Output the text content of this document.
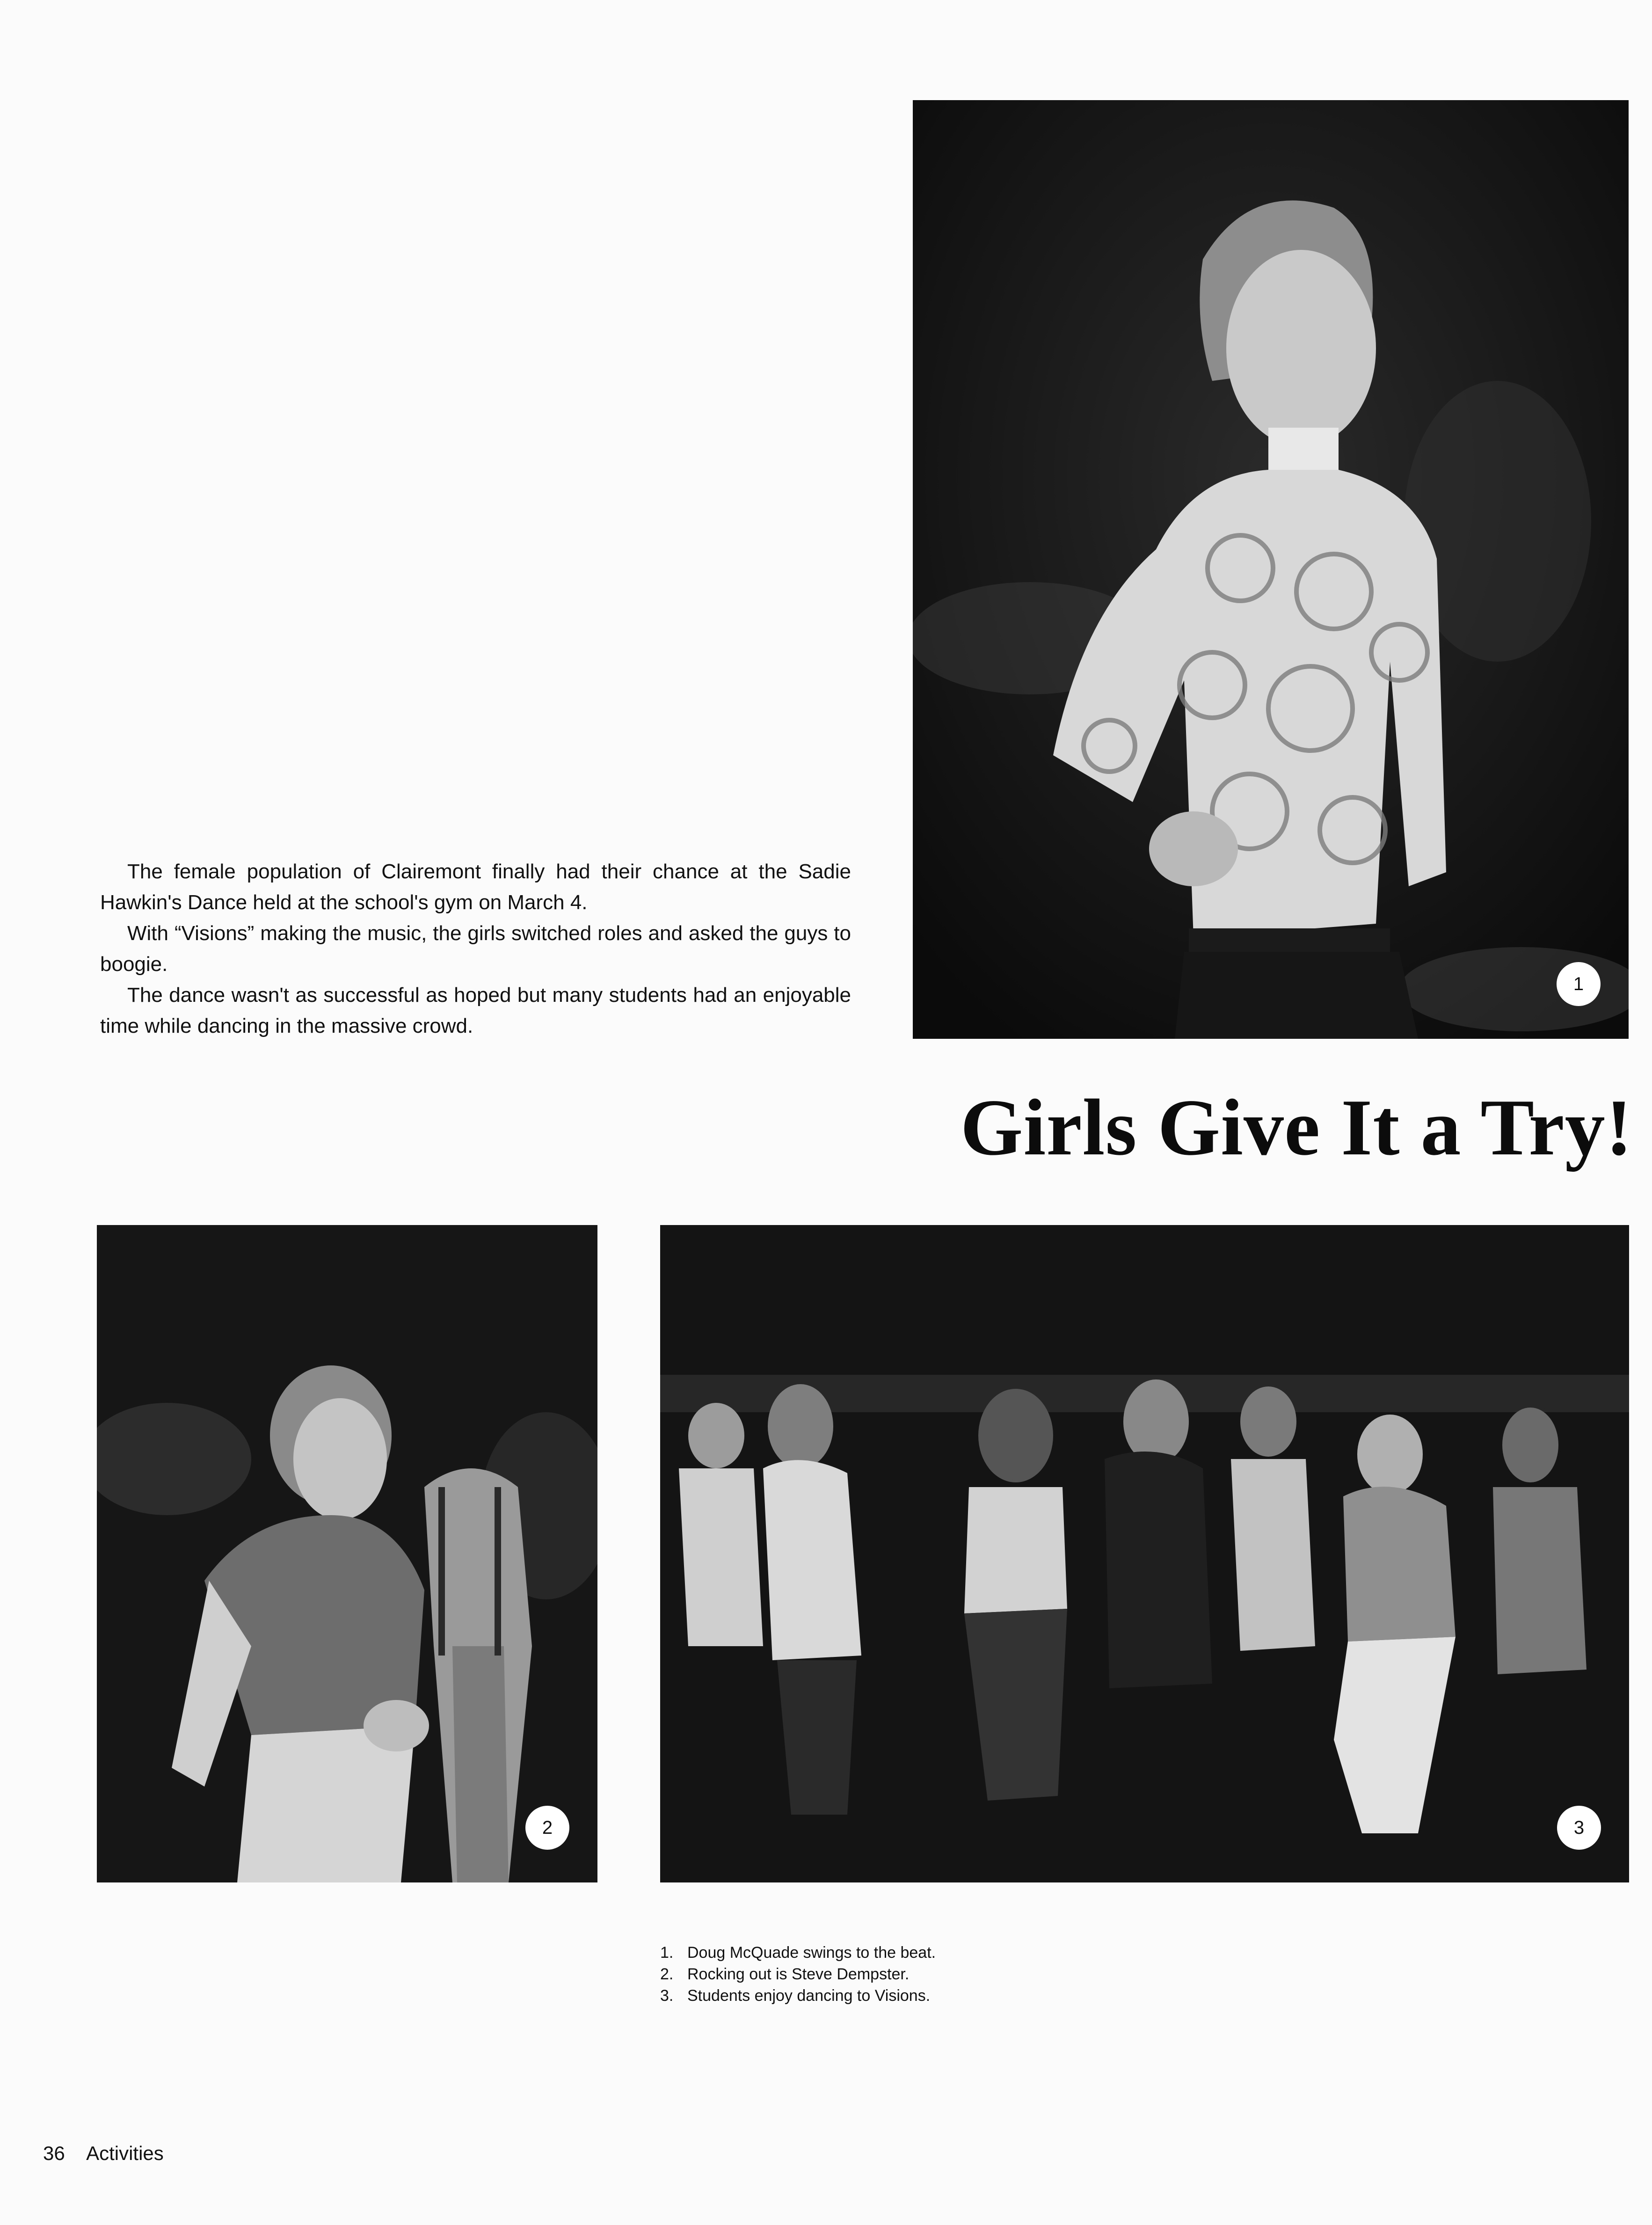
1

The female population of Clairemont finally had their chance at the Sadie Hawkin's Dance held at the school's gym on March 4.

With “Visions” making the music, the girls switched roles and asked the guys to boogie.

The dance wasn't as successful as hoped but many students had an enjoyable time while dancing in the massive crowd.

Girls Give It a Try!
2	3
1. Doug McQuade swings to the beat.
2. Rocking out is Steve Dempster.
3. Students enjoy dancing to Visions.
36 Activities
